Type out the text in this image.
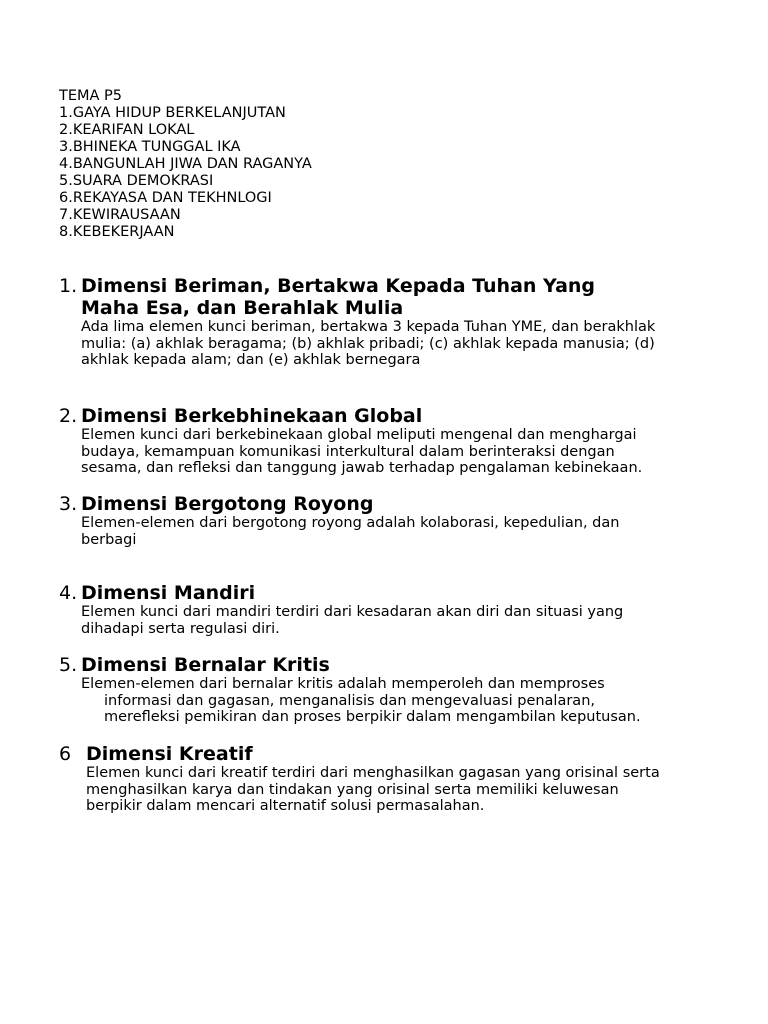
TEMA P5
1.GAYA HIDUP BERKELANJUTAN
2.KEARIFAN LOKAL
3.BHINEKA TUNGGAL IKA
4.BANGUNLAH JIWA DAN RAGANYA
5.SUARA DEMOKRASI
6.REKAYASA DAN TEKHNLOGI
7.KEWIRAUSAAN
8.KEBEKERJAAN
1. Dimensi Beriman, Bertakwa Kepada Tuhan Yang
Maha Esa, dan Berahlak Mulia
Ada lima elemen kunci beriman, bertakwa 3 kepada Tuhan YME, dan berakhlak
mulia: (a) akhlak beragama; (b) akhlak pribadi; (c) akhlak kepada manusia; (d)
akhlak kepada alam; dan (e) akhlak bernegara
2. Dimensi Berkebhinekaan Global
Elemen kunci dari berkebinekaan global meliputi mengenal dan menghargai
budaya, kemampuan komunikasi interkultural dalam berinteraksi dengan
sesama, dan refleksi dan tanggung jawab terhadap pengalaman kebinekaan.
3. Dimensi Bergotong Royong
Elemen-elemen dari bergotong royong adalah kolaborasi, kepedulian, dan
berbagi
4. Dimensi Mandiri
Elemen kunci dari mandiri terdiri dari kesadaran akan diri dan situasi yang
dihadapi serta regulasi diri.
5. Dimensi Bernalar Kritis
Elemen-elemen dari bernalar kritis adalah memperoleh dan memproses
informasi dan gagasan, menganalisis dan mengevaluasi penalaran,
merefleksi pemikiran dan proses berpikir dalam mengambilan keputusan.
6 Dimensi Kreatif
Elemen kunci dari kreatif terdiri dari menghasilkan gagasan yang orisinal serta
menghasilkan karya dan tindakan yang orisinal serta memiliki keluwesan
berpikir dalam mencari alternatif solusi permasalahan.
